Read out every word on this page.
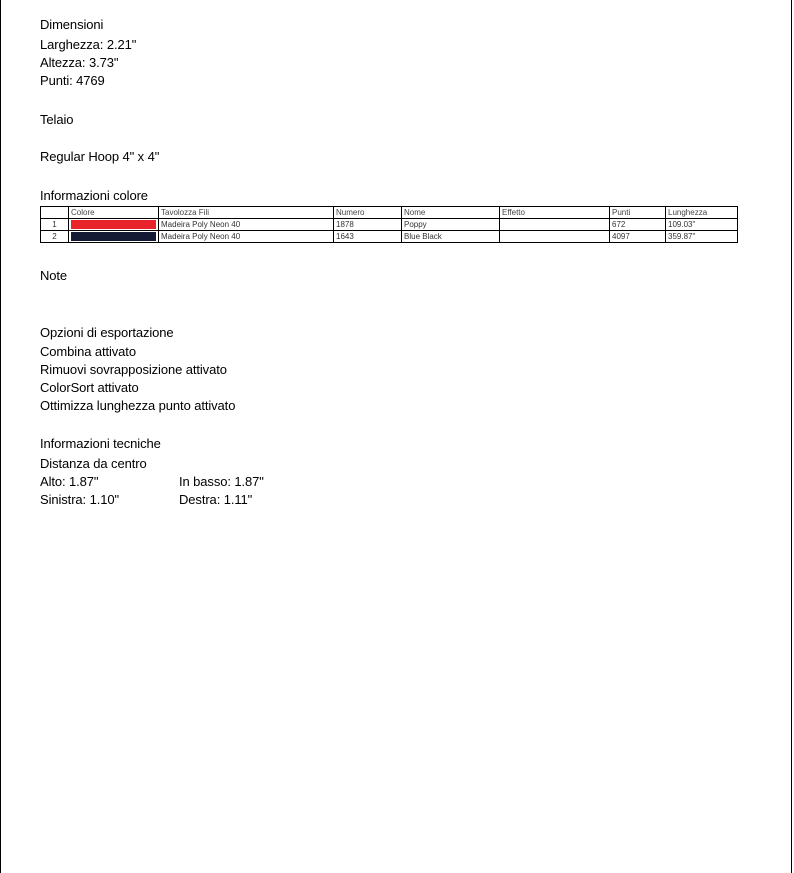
Dimensioni
Larghezza: 2.21"
Altezza: 3.73"
Punti: 4769
Telaio
Regular Hoop 4" x 4"
Informazioni colore
	Colore	Tavolozza Fili	Numero	Nome	Effetto	Punti	Lunghezza
1		Madeira Poly Neon 40	1878	Poppy		672	109.03"
2		Madeira Poly Neon 40	1643	Blue Black		4097	359.87"
Note
Opzioni di esportazione
Combina attivato
Rimuovi sovrapposizione attivato
ColorSort attivato
Ottimizza lunghezza punto attivato
Informazioni tecniche
Distanza da centro
Alto: 1.87"	In basso: 1.87"
Sinistra: 1.10"	Destra: 1.11"
